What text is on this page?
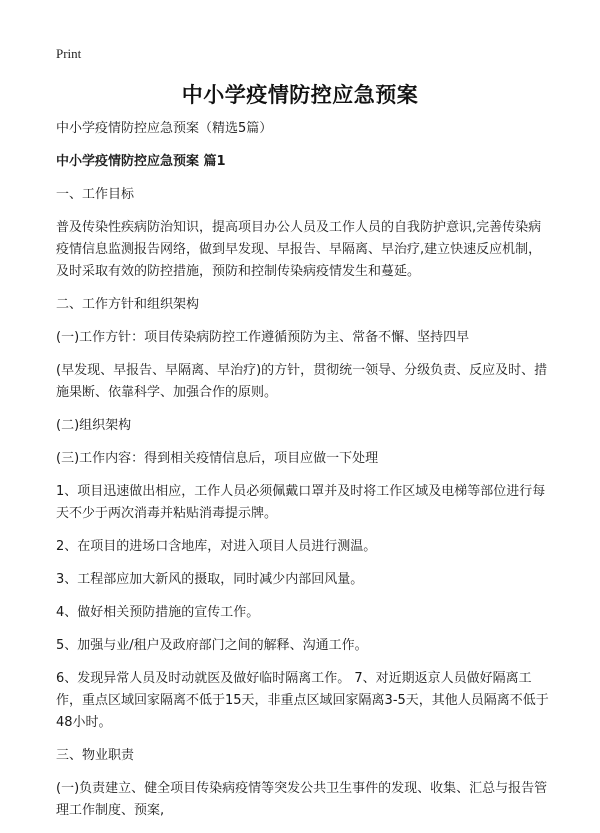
Print
中小学疫情防控应急预案

中小学疫情防控应急预案（精选5篇）

中小学疫情防控应急预案 篇1

一、工作目标

普及传染性疾病防治知识，提高项目办公人员及工作人员的自我防护意识,完善传染病疫情信息监测报告网络，做到早发现、早报告、早隔离、早治疗,建立快速反应机制，及时采取有效的防控措施，预防和控制传染病疫情发生和蔓延。

二、工作方针和组织架构

(一)工作方针：项目传染病防控工作遵循预防为主、常备不懈、坚持四早

(早发现、早报告、早隔离、早治疗)的方针，贯彻统一领导、分级负责、反应及时、措施果断、依靠科学、加强合作的原则。

(二)组织架构

(三)工作内容：得到相关疫情信息后，项目应做一下处理

1、项目迅速做出相应，工作人员必须佩戴口罩并及时将工作区域及电梯等部位进行每天不少于两次消毒并粘贴消毒提示牌。

2、在项目的进场口含地库，对进入项目人员进行测温。

3、工程部应加大新风的摄取，同时减少内部回风量。

4、做好相关预防措施的宣传工作。

5、加强与业/租户及政府部门之间的解释、沟通工作。

6、发现异常人员及时动就医及做好临时隔离工作。 7、对近期返京人员做好隔离工作，重点区域回家隔离不低于15天，非重点区域回家隔离3-5天，其他人员隔离不低于48小时。

三、物业职责

(一)负责建立、健全项目传染病疫情等突发公共卫生事件的发现、收集、汇总与报告管理工作制度、预案,
